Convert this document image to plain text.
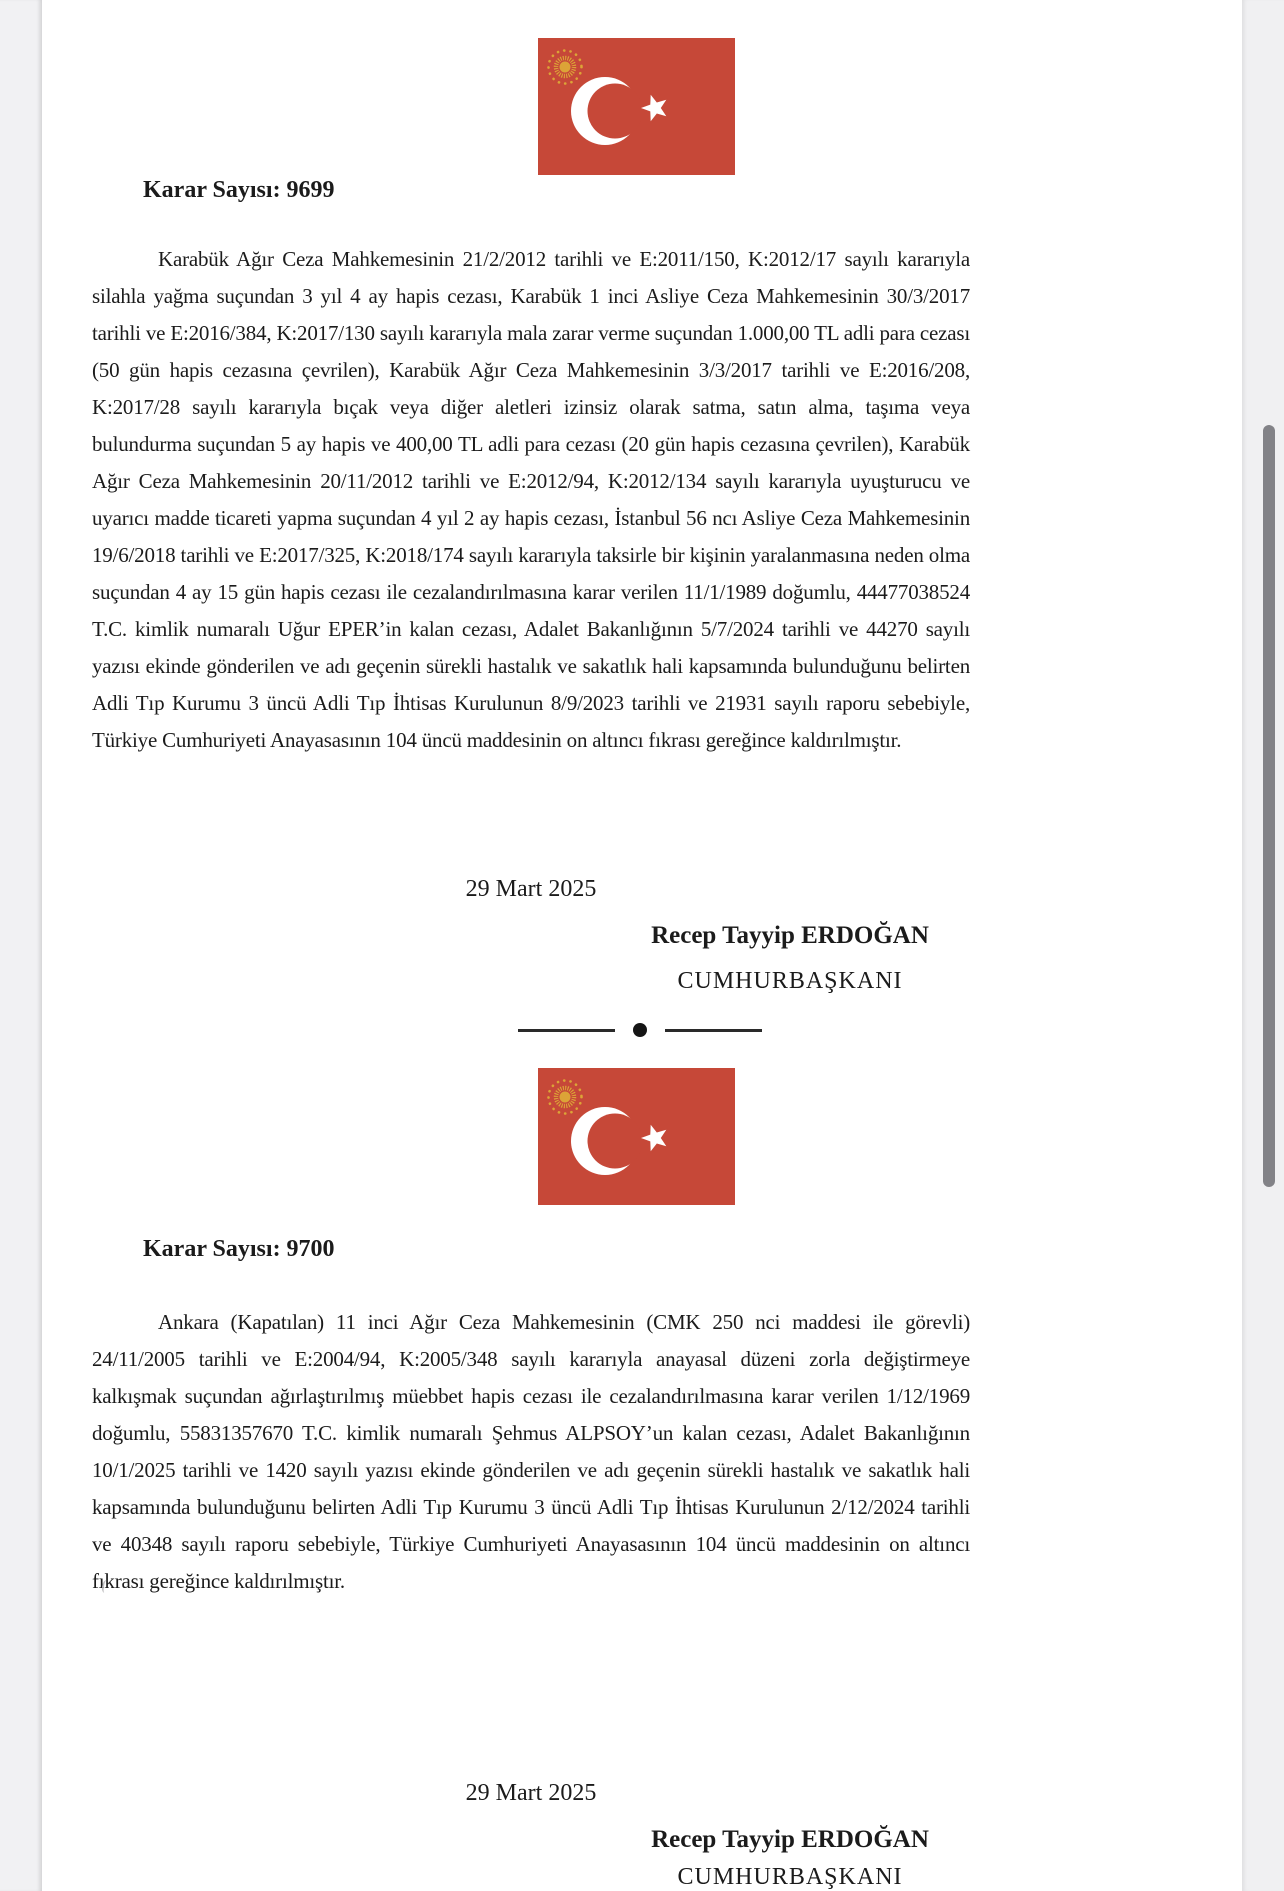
Karar Sayısı: 9699

Karabük Ağır Ceza Mahkemesinin 21/2/2012 tarihli ve E:2011/150, K:2012/17 sayılı kararıyla silahla yağma suçundan 3 yıl 4 ay hapis cezası, Karabük 1 inci Asliye Ceza Mahkemesinin 30/3/2017 tarihli ve E:2016/384, K:2017/130 sayılı kararıyla mala zarar verme suçundan 1.000,00 TL adli para cezası (50 gün hapis cezasına çevrilen), Karabük Ağır Ceza Mahkemesinin 3/3/2017 tarihli ve E:2016/208, K:2017/28 sayılı kararıyla bıçak veya diğer aletleri izinsiz olarak satma, satın alma, taşıma veya bulundurma suçundan 5 ay hapis ve 400,00 TL adli para cezası (20 gün hapis cezasına çevrilen), Karabük Ağır Ceza Mahkemesinin 20/11/2012 tarihli ve E:2012/94, K:2012/134 sayılı kararıyla uyuşturucu ve uyarıcı madde ticareti yapma suçundan 4 yıl 2 ay hapis cezası, İstanbul 56 ncı Asliye Ceza Mahkemesinin 19/6/2018 tarihli ve E:2017/325, K:2018/174 sayılı kararıyla taksirle bir kişinin yaralanmasına neden olma suçundan 4 ay 15 gün hapis cezası ile cezalandırılmasına karar verilen 11/1/1989 doğumlu, 44477038524 T.C. kimlik numaralı Uğur EPER’in kalan cezası, Adalet Bakanlığının 5/7/2024 tarihli ve 44270 sayılı yazısı ekinde gönderilen ve adı geçenin sürekli hastalık ve sakatlık hali kapsamında bulunduğunu belirten Adli Tıp Kurumu 3 üncü Adli Tıp İhtisas Kurulunun 8/9/2023 tarihli ve 21931 sayılı raporu sebebiyle, Türkiye Cumhuriyeti Anayasasının 104 üncü maddesinin on altıncı fıkrası gereğince kaldırılmıştır.

29 Mart 2025
Recep Tayyip ERDOĞAN
CUMHURBAŞKANI
Karar Sayısı: 9700

Ankara (Kapatılan) 11 inci Ağır Ceza Mahkemesinin (CMK 250 nci maddesi ile görevli) 24/11/2005 tarihli ve E:2004/94, K:2005/348 sayılı kararıyla anayasal düzeni zorla değiştirmeye kalkışmak suçundan ağırlaştırılmış müebbet hapis cezası ile cezalandırılmasına karar verilen 1/12/1969 doğumlu, 55831357670 T.C. kimlik numaralı Şehmus ALPSOY’un kalan cezası, Adalet Bakanlığının 10/1/2025 tarihli ve 1420 sayılı yazısı ekinde gönderilen ve adı geçenin sürekli hastalık ve sakatlık hali kapsamında bulunduğunu belirten Adli Tıp Kurumu 3 üncü Adli Tıp İhtisas Kurulunun 2/12/2024 tarihli ve 40348 sayılı raporu sebebiyle, Türkiye Cumhuriyeti Anayasasının 104 üncü maddesinin on altıncı fıkrası gereğince kaldırılmıştır.

29 Mart 2025
Recep Tayyip ERDOĞAN
CUMHURBAŞKANI
